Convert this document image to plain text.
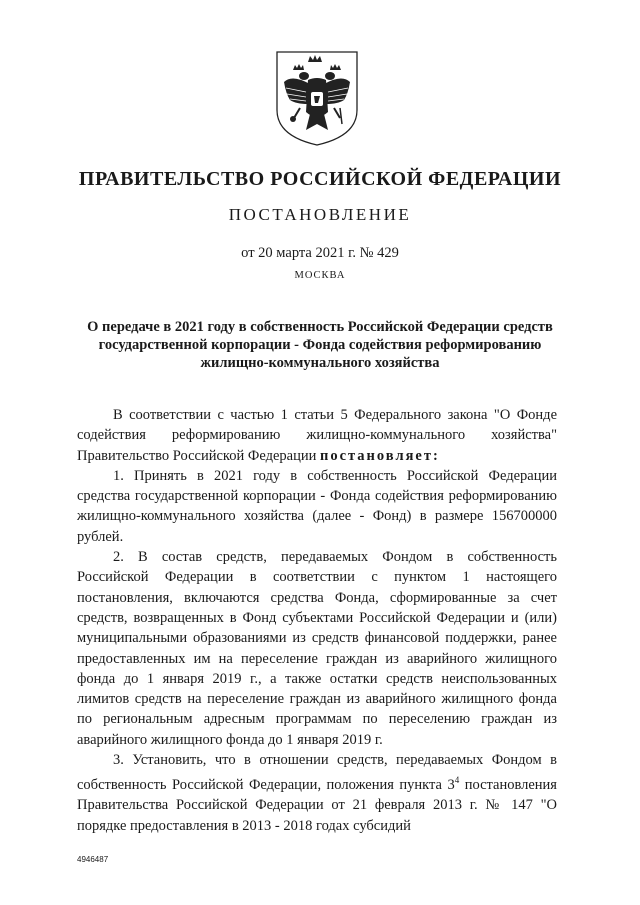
ПРАВИТЕЛЬСТВО РОССИЙСКОЙ ФЕДЕРАЦИИ
ПОСТАНОВЛЕНИЕ
от 20 марта 2021 г. № 429
МОСКВА
О передаче в 2021 году в собственность Российской Федерации средств государственной корпорации - Фонда содействия реформированию жилищно-коммунального хозяйства

В соответствии с частью 1 статьи 5 Федерального закона "О Фонде содействия реформированию жилищно-коммунального хозяйства" Правительство Российской Федерации постановляет:

1. Принять в 2021 году в собственность Российской Федерации средства государственной корпорации - Фонда содействия реформированию жилищно-коммунального хозяйства (далее - Фонд) в размере 156700000 рублей.

2. В состав средств, передаваемых Фондом в собственность Российской Федерации в соответствии с пунктом 1 настоящего постановления, включаются средства Фонда, сформированные за счет средств, возвращенных в Фонд субъектами Российской Федерации и (или) муниципальными образованиями из средств финансовой поддержки, ранее предоставленных им на переселение граждан из аварийного жилищного фонда до 1 января 2019 г., а также остатки средств неиспользованных лимитов средств на переселение граждан из аварийного жилищного фонда по региональным адресным программам по переселению граждан из аварийного жилищного фонда до 1 января 2019 г.

3. Установить, что в отношении средств, передаваемых Фондом в собственность Российской Федерации, положения пункта $3^4$ постановления Правительства Российской Федерации от 21 февраля 2013 г. № 147 "О порядке предоставления в 2013 - 2018 годах субсидий

4946487
